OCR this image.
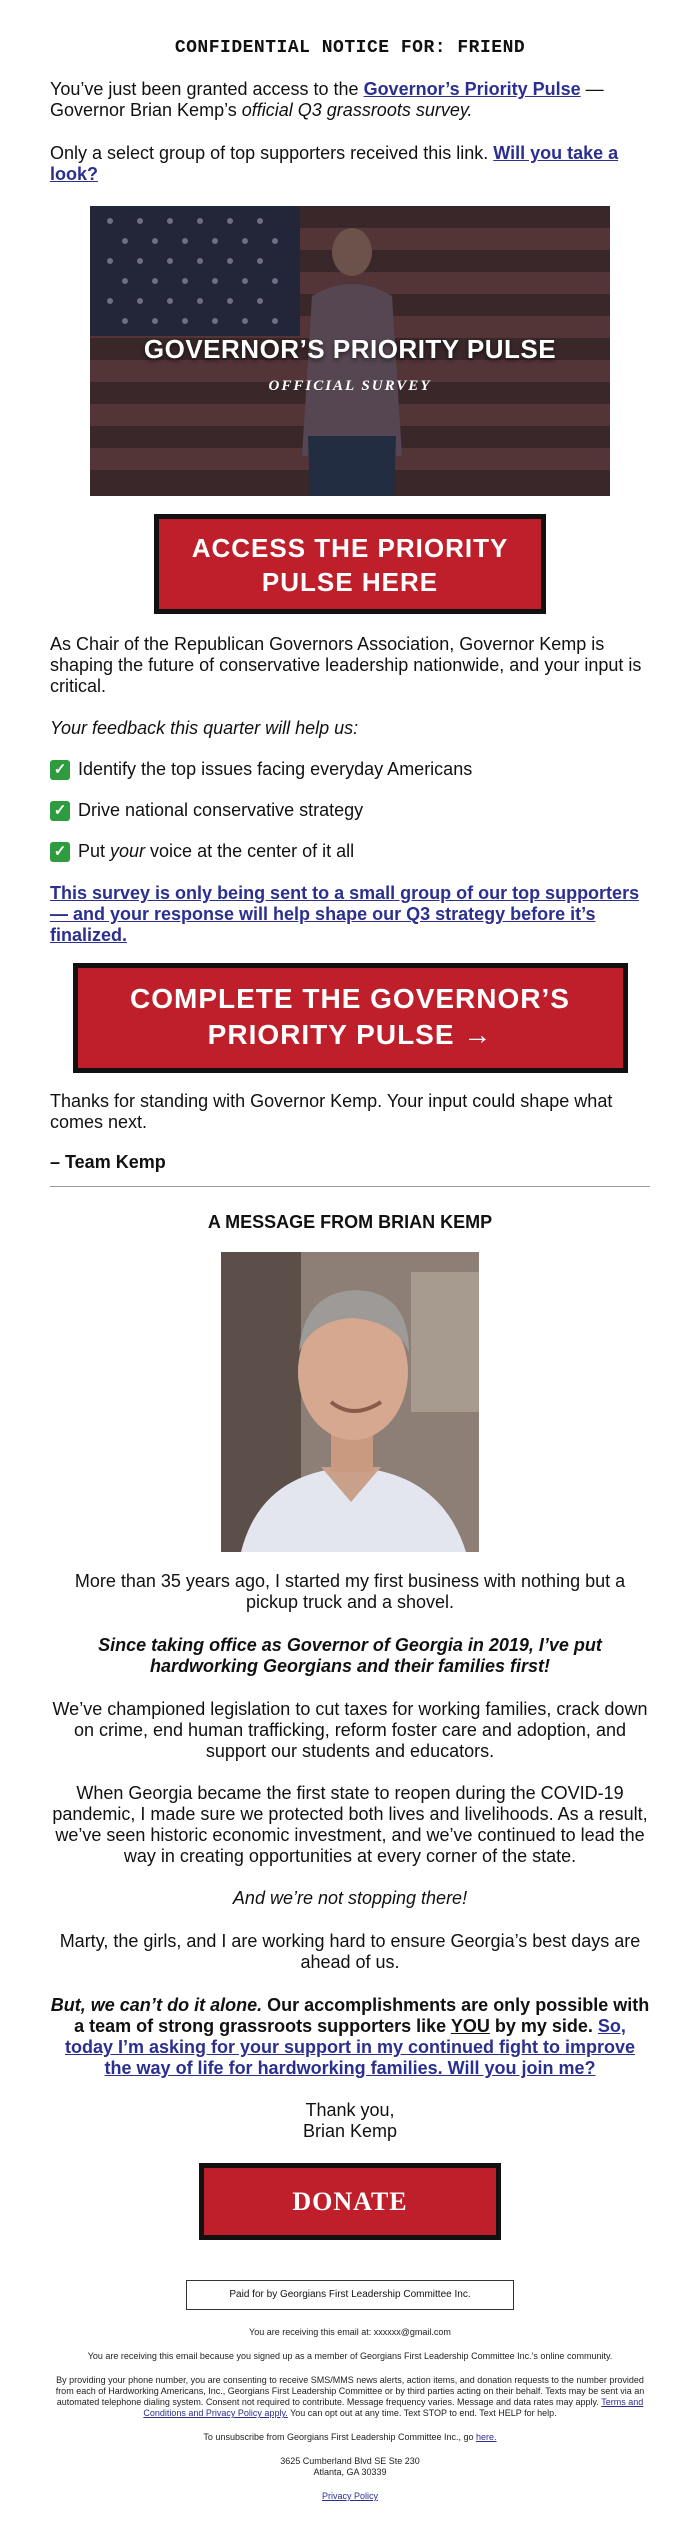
CONFIDENTIAL NOTICE FOR: FRIEND

You’ve just been granted access to the Governor’s Priority Pulse — Governor Brian Kemp’s official Q3 grassroots survey.

Only a select group of top supporters received this link. Will you take a look?

GOVERNOR’S PRIORITY PULSE
OFFICIAL SURVEY
ACCESS THE PRIORITY
PULSE HERE

As Chair of the Republican Governors Association, Governor Kemp is shaping the future of conservative leadership nationwide, and your input is critical.

Your feedback this quarter will help us:

✓ Identify the top issues facing everyday Americans
✓ Drive national conservative strategy
✓ Put your voice at the center of it all

This survey is only being sent to a small group of our top supporters — and your response will help shape our Q3 strategy before it’s finalized.

COMPLETE THE GOVERNOR’S
PRIORITY PULSE →

Thanks for standing with Governor Kemp. Your input could shape what comes next.

– Team Kemp
A MESSAGE FROM BRIAN KEMP

More than 35 years ago, I started my first business with nothing but a pickup truck and a shovel.

Since taking office as Governor of Georgia in 2019, I’ve put hardworking Georgians and their families first!

We’ve championed legislation to cut taxes for working families, crack down on crime, end human trafficking, reform foster care and adoption, and support our students and educators.

When Georgia became the first state to reopen during the COVID-19 pandemic, I made sure we protected both lives and livelihoods. As a result, we’ve seen historic economic investment, and we’ve continued to lead the way in creating opportunities at every corner of the state.

And we’re not stopping there!

Marty, the girls, and I are working hard to ensure Georgia’s best days are ahead of us.

But, we can’t do it alone. Our accomplishments are only possible with a team of strong grassroots supporters like YOU by my side. So, today I’m asking for your support in my continued fight to improve the way of life for hardworking families. Will you join me?

Thank you,
Brian Kemp

DONATE
Paid for by Georgians First Leadership Committee Inc.

You are receiving this email at: xxxxxx@gmail.com

You are receiving this email because you signed up as a member of Georgians First Leadership Committee Inc.’s online community.

By providing your phone number, you are consenting to receive SMS/MMS news alerts, action items, and donation requests to the number provided from each of Hardworking Americans, Inc., Georgians First Leadership Committee or by third parties acting on their behalf. Texts may be sent via an automated telephone dialing system. Consent not required to contribute. Message frequency varies. Message and data rates may apply. Terms and Conditions and Privacy Policy apply. You can opt out at any time. Text STOP to end. Text HELP for help.

To unsubscribe from Georgians First Leadership Committee Inc., go here.

3625 Cumberland Blvd SE Ste 230
Atlanta, GA 30339

Privacy Policy
